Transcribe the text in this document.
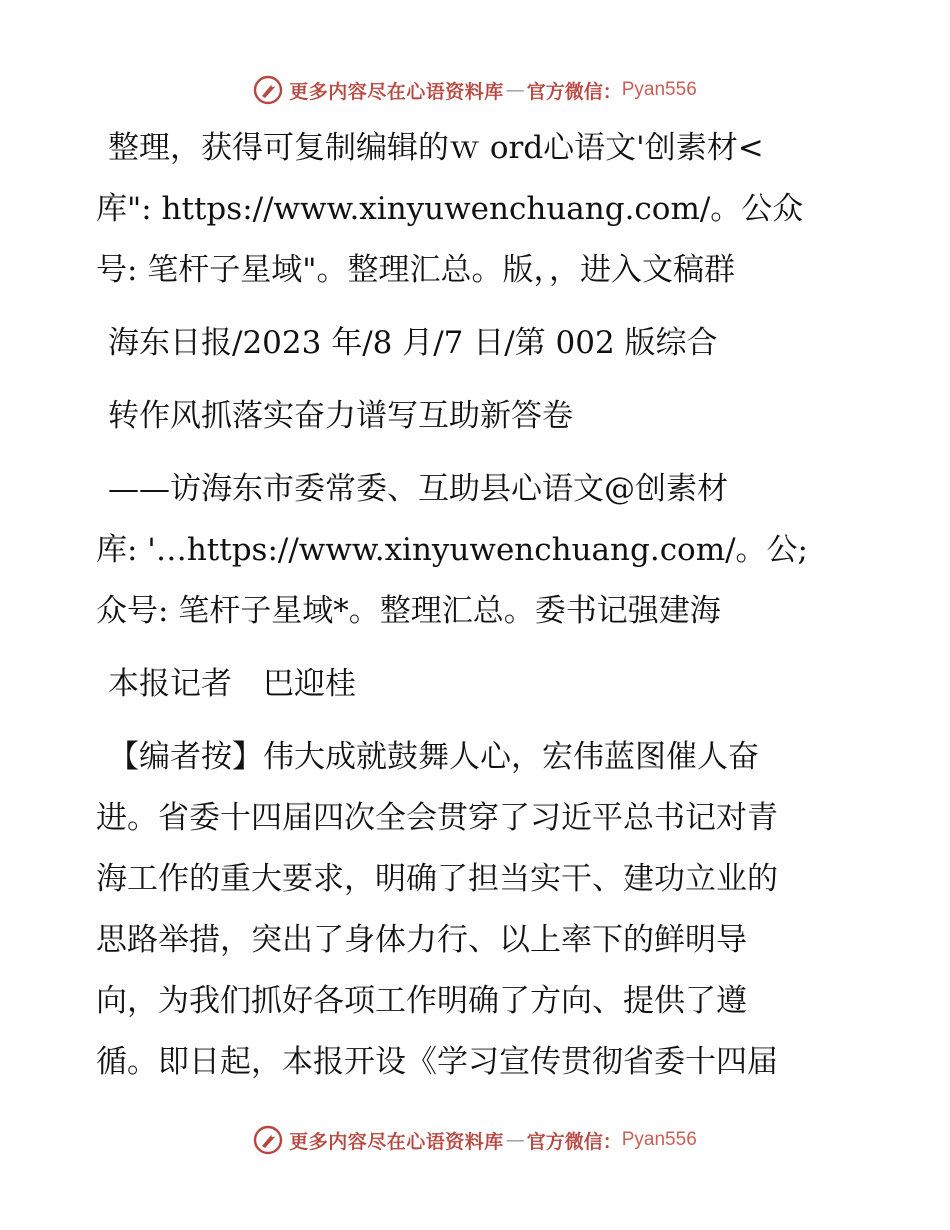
更多内容尽在心语资料库 — 官方微信： Pyan556

整理，获得可复制编辑的ｗ ord心语文'创素材<
库": https://www.xinyuwenchuang.com/。公众
号: 笔杆子星域"。整理汇总。版，，进入文稿群

海东日报/2023 年/8 月/7 日/第 002 版综合

转作风抓落实奋力谱写互助新答卷

——访海东市委常委、互助县心语文@创素材
库: '…https://www.xinyuwenchuang.com/。公;
众号: 笔杆子星域*。整理汇总。委书记强建海

本报记者　巴迎桂

【编者按】伟大成就鼓舞人心，宏伟蓝图催人奋
进。省委十四届四次全会贯穿了习近平总书记对青
海工作的重大要求，明确了担当实干、建功立业的
思路举措，突出了身体力行、以上率下的鲜明导
向，为我们抓好各项工作明确了方向、提供了遵
循。即日起，本报开设《学习宣传贯彻省委十四届

更多内容尽在心语资料库 — 官方微信： Pyan556
